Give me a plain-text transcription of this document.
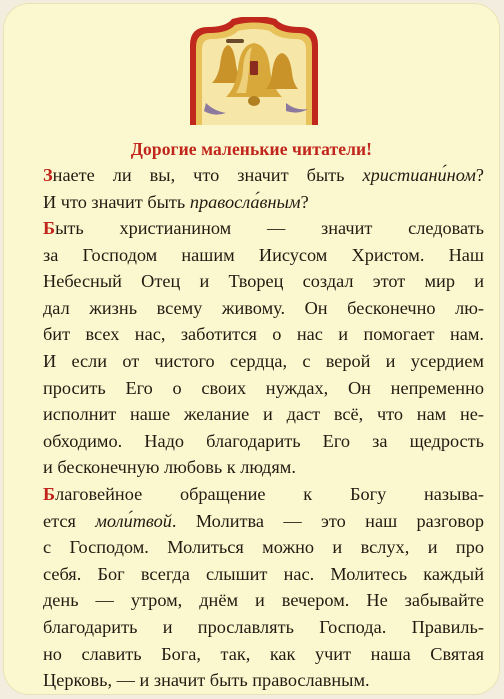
Дорогие маленькие читатели!

Знаете ли вы, что значит быть христиани́ном?
И что значит быть правосла́вным?

Быть христианином — значит следовать
за Господом нашим Иисусом Христом. Наш
Небесный Отец и Творец создал этот мир и
дал жизнь всему живому. Он бесконечно лю-
бит всех нас, заботится о нас и помогает нам.
И если от чистого сердца, с верой и усердием
просить Его о своих нуждах, Он непременно
исполнит наше желание и даст всё, что нам не-
обходимо. Надо благодарить Его за щедрость
и бесконечную любовь к людям.

Благовейное обращение к Богу называ-
ется моли́твой. Молитва — это наш разговор
с Господом. Молиться можно и вслух, и про
себя. Бог всегда слышит нас. Молитесь каждый
день — утром, днём и вечером. Не забывайте
благодарить и прославлять Господа. Правиль-
но славить Бога, так, как учит наша Святая
Церковь, — и значит быть православным.
